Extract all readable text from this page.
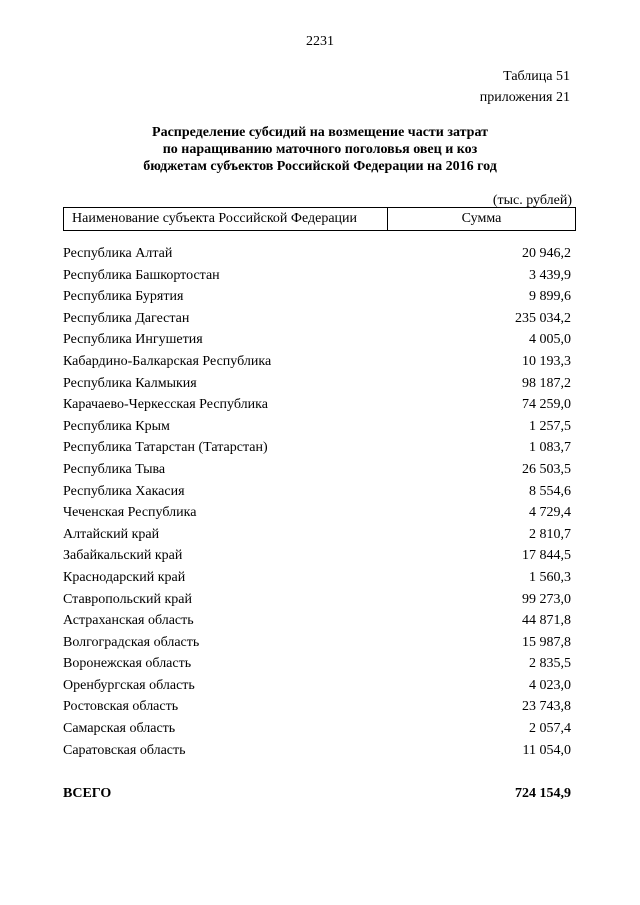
2231
Таблица 51
приложения 21
Распределение субсидий на возмещение части затрат
по наращиванию маточного поголовья овец и коз
бюджетам субъектов Российской Федерации на 2016 год
(тыс. рублей)
Наименование субъекта Российской Федерации	Сумма
Республика Алтай	20 946,2
Республика Башкортостан	3 439,9
Республика Бурятия	9 899,6
Республика Дагестан	235 034,2
Республика Ингушетия	4 005,0
Кабардино-Балкарская Республика	10 193,3
Республика Калмыкия	98 187,2
Карачаево-Черкесская Республика	74 259,0
Республика Крым	1 257,5
Республика Татарстан (Татарстан)	1 083,7
Республика Тыва	26 503,5
Республика Хакасия	8 554,6
Чеченская Республика	4 729,4
Алтайский край	2 810,7
Забайкальский край	17 844,5
Краснодарский край	1 560,3
Ставропольский край	99 273,0
Астраханская область	44 871,8
Волгоградская область	15 987,8
Воронежская область	2 835,5
Оренбургская область	4 023,0
Ростовская область	23 743,8
Самарская область	2 057,4
Саратовская область	11 054,0
ВСЕГО	724 154,9
